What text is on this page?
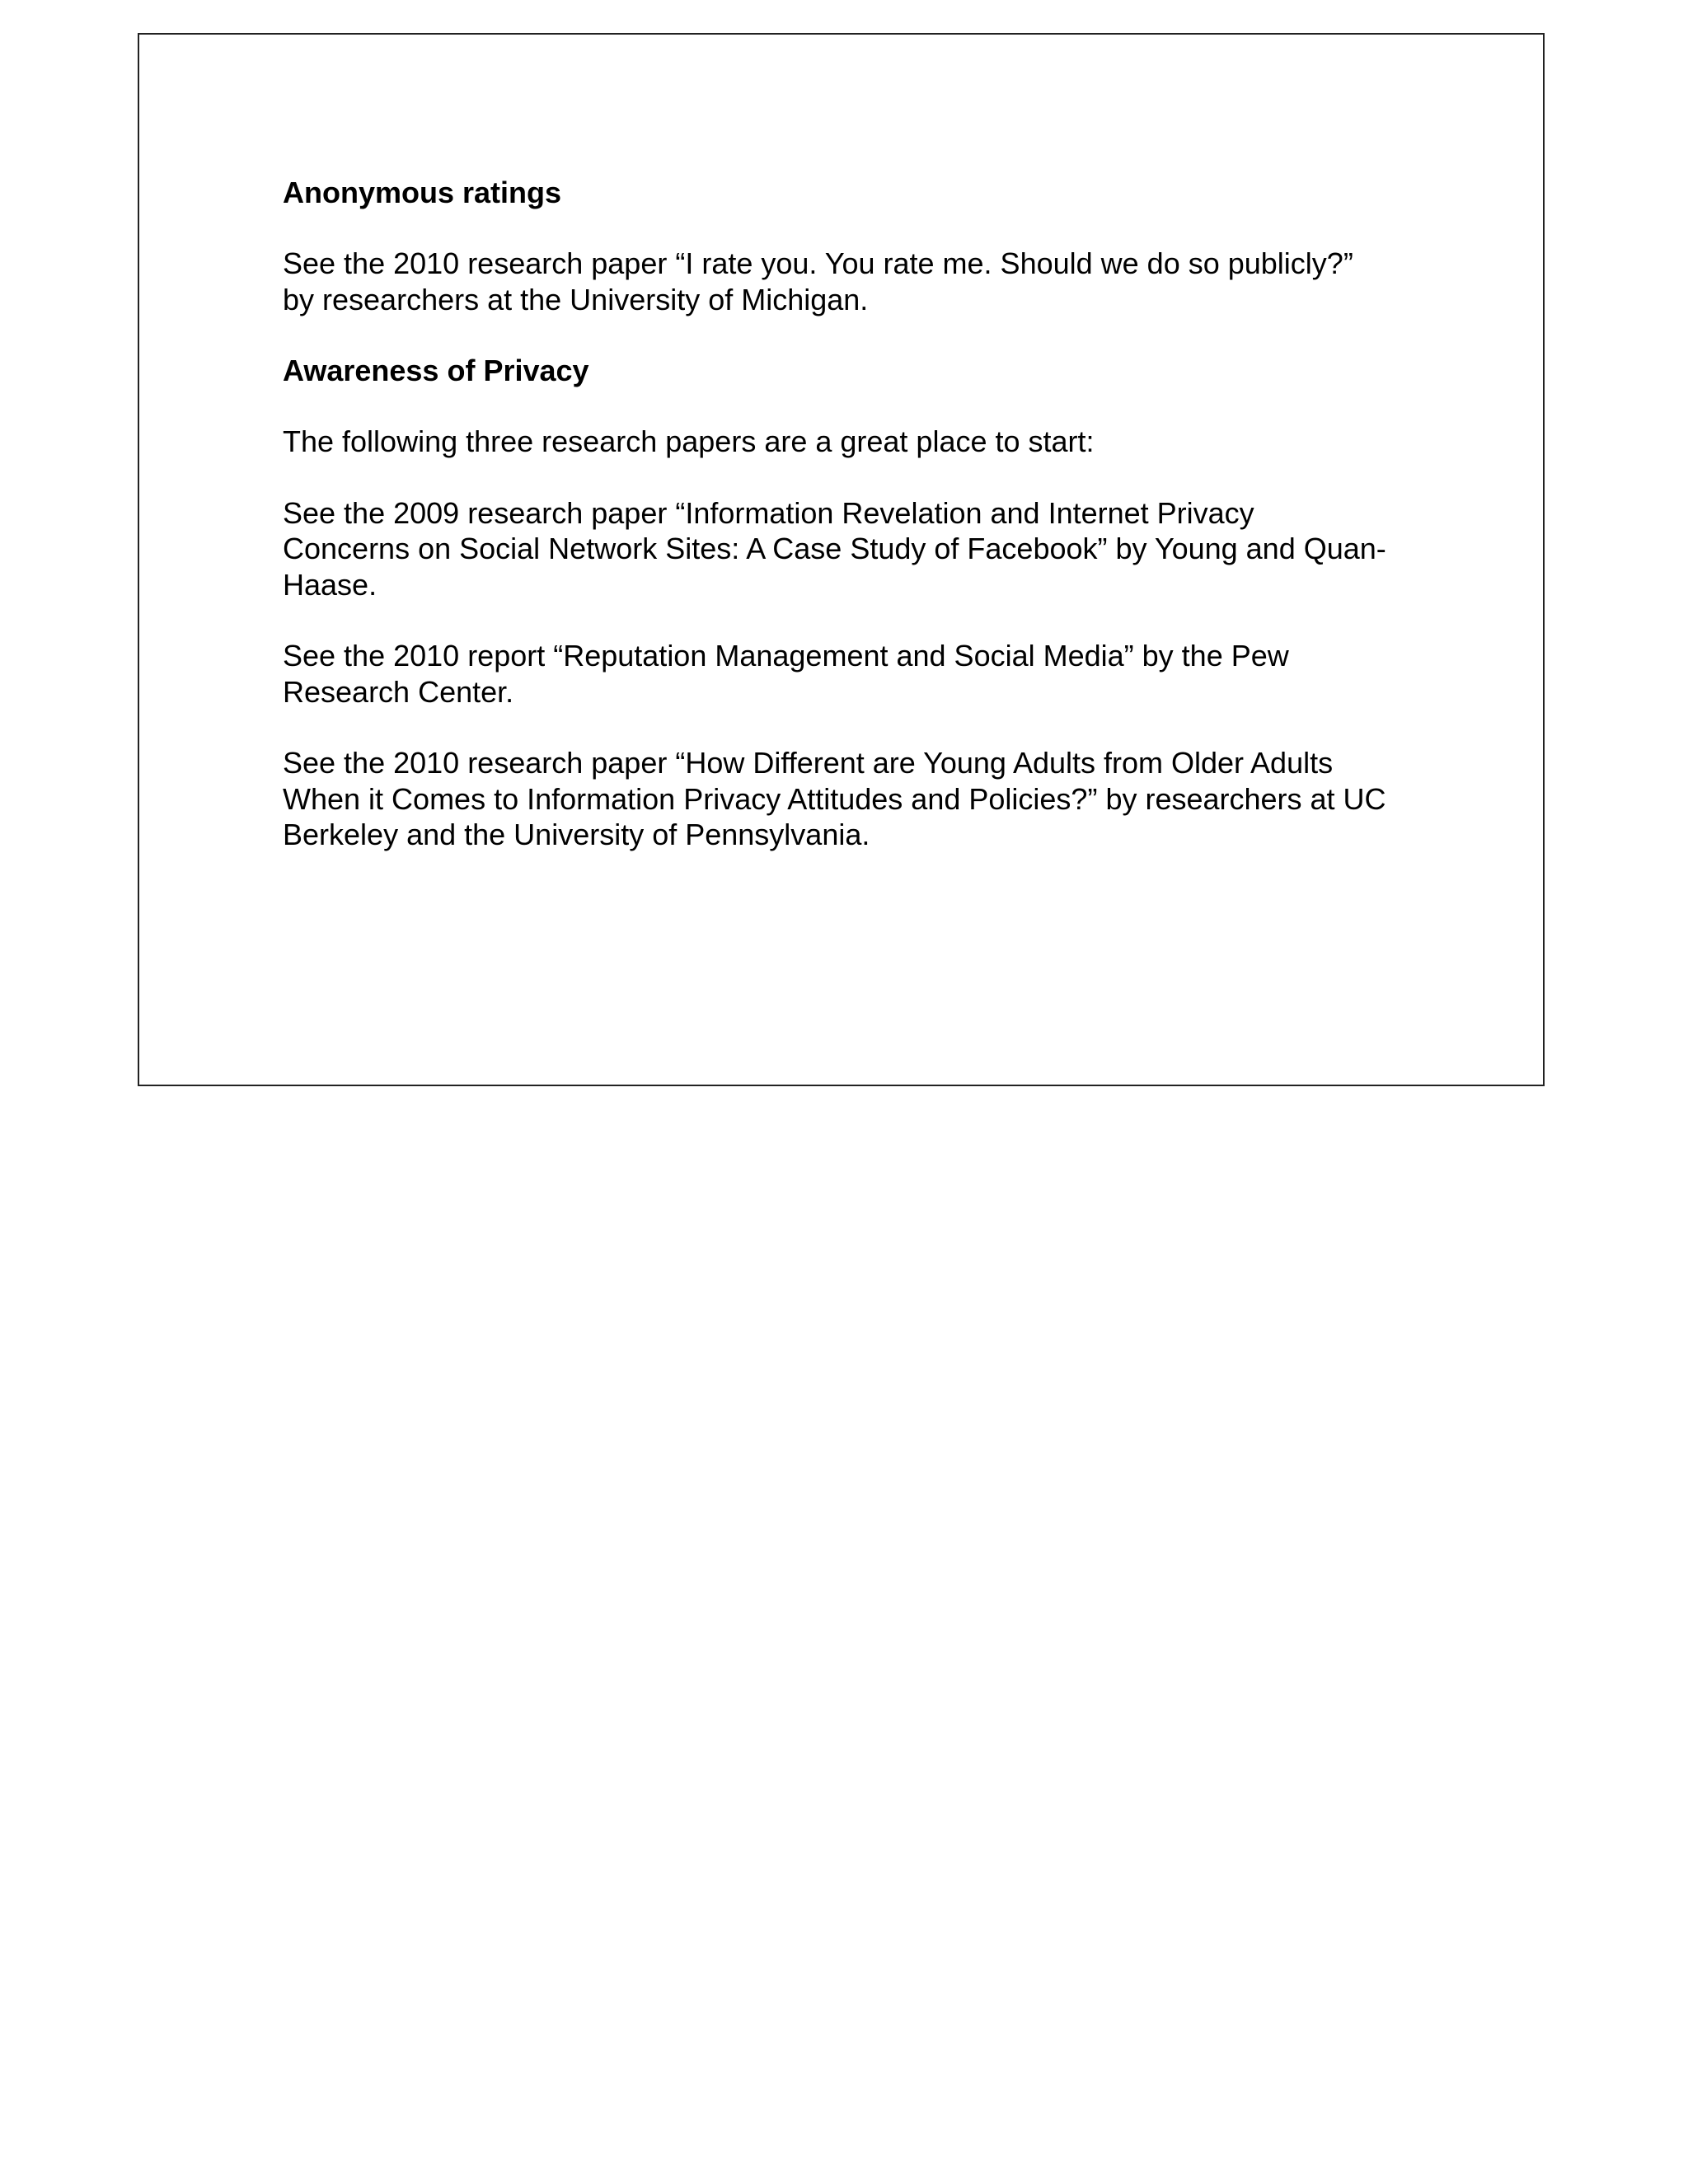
Anonymous ratings
See the 2010 research paper “I rate you. You rate me. Should we do so publicly?” by researchers at the University of Michigan.
Awareness of Privacy
The following three research papers are a great place to start:
See the 2009 research paper “Information Revelation and Internet Privacy Concerns on Social Network Sites: A Case Study of Facebook” by Young and Quan-Haase.
See the 2010 report “Reputation Management and Social Media” by the Pew Research Center.
See the 2010 research paper “How Different are Young Adults from Older Adults When it Comes to Information Privacy Attitudes and Policies?” by researchers at UC Berkeley and the University of Pennsylvania.
